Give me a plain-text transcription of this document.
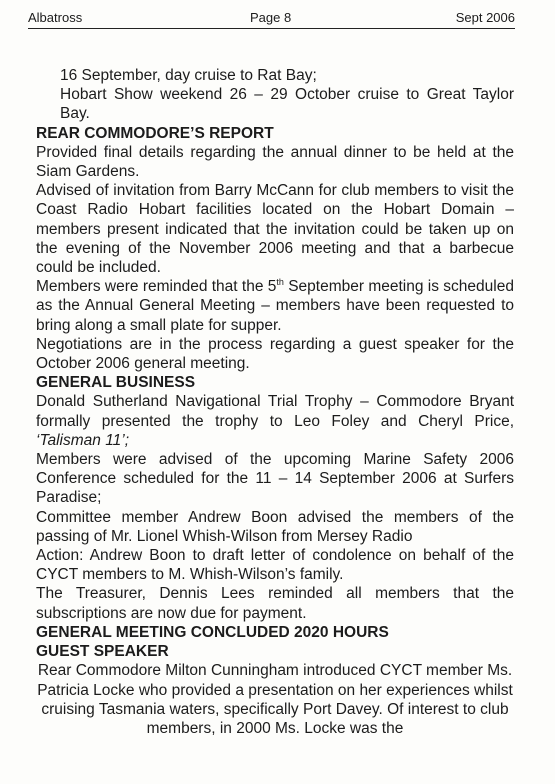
Albatross	Page 8	Sept 2006

16 September, day cruise to Rat Bay;

Hobart Show weekend 26 – 29 October cruise to Great Taylor Bay.

REAR COMMODORE’S REPORT

Provided final details regarding the annual dinner to be held at the Siam Gardens.

Advised of invitation from Barry McCann for club members to visit the Coast Radio Hobart facilities located on the Hobart Domain – members present indicated that the invitation could be taken up on the evening of the November 2006 meeting and that a barbecue could be included.

Members were reminded that the 5th September meeting is scheduled as the Annual General Meeting – members have been requested to bring along a small plate for supper.

Negotiations are in the process regarding a guest speaker for the October 2006 general meeting.

GENERAL BUSINESS

Donald Sutherland Navigational Trial Trophy – Commodore Bryant formally presented the trophy to Leo Foley and Cheryl Price, ‘Talisman 11’;

Members were advised of the upcoming Marine Safety 2006 Conference scheduled for the 11 – 14 September 2006 at Surfers Paradise;

Committee member Andrew Boon advised the members of the passing of Mr. Lionel Whish-Wilson from Mersey Radio

Action: Andrew Boon to draft letter of condolence on behalf of the CYCT members to M. Whish-Wilson’s family.

The Treasurer, Dennis Lees reminded all members that the subscriptions are now due for payment.

GENERAL MEETING CONCLUDED 2020 HOURS

GUEST SPEAKER

Rear Commodore Milton Cunningham introduced CYCT member Ms. Patricia Locke who provided a presentation on her experiences whilst cruising Tasmania waters, specifically Port Davey. Of interest to club members, in 2000 Ms. Locke was the
